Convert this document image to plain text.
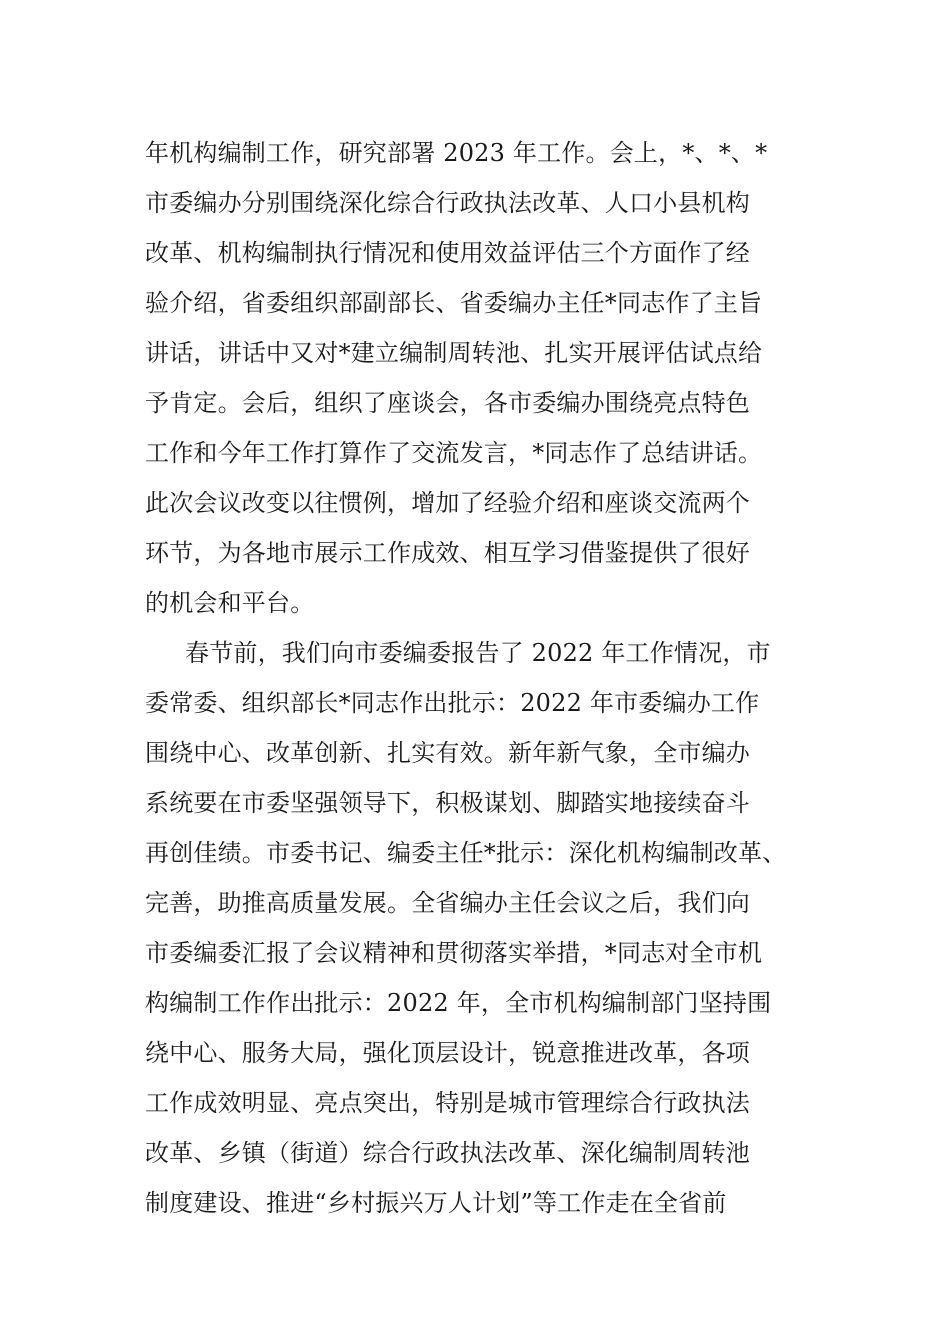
年机构编制工作，研究部署 2023 年工作。会上，*、*、*
市委编办分别围绕深化综合行政执法改革、人口小县机构
改革、机构编制执行情况和使用效益评估三个方面作了经
验介绍，省委组织部副部长、省委编办主任*同志作了主旨
讲话，讲话中又对*建立编制周转池、扎实开展评估试点给
予肯定。会后，组织了座谈会，各市委编办围绕亮点特色
工作和今年工作打算作了交流发言，*同志作了总结讲话。
此次会议改变以往惯例，增加了经验介绍和座谈交流两个
环节，为各地市展示工作成效、相互学习借鉴提供了很好
的机会和平台。
春节前，我们向市委编委报告了 2022 年工作情况，市
委常委、组织部长*同志作出批示：2022 年市委编办工作
围绕中心、改革创新、扎实有效。新年新气象，全市编办
系统要在市委坚强领导下，积极谋划、脚踏实地接续奋斗
再创佳绩。市委书记、编委主任*批示：深化机构编制改革、
完善，助推高质量发展。全省编办主任会议之后，我们向
市委编委汇报了会议精神和贯彻落实举措，*同志对全市机
构编制工作作出批示：2022 年，全市机构编制部门坚持围
绕中心、服务大局，强化顶层设计，锐意推进改革，各项
工作成效明显、亮点突出，特别是城市管理综合行政执法
改革、乡镇（街道）综合行政执法改革、深化编制周转池
制度建设、推进“乡村振兴万人计划”等工作走在全省前
